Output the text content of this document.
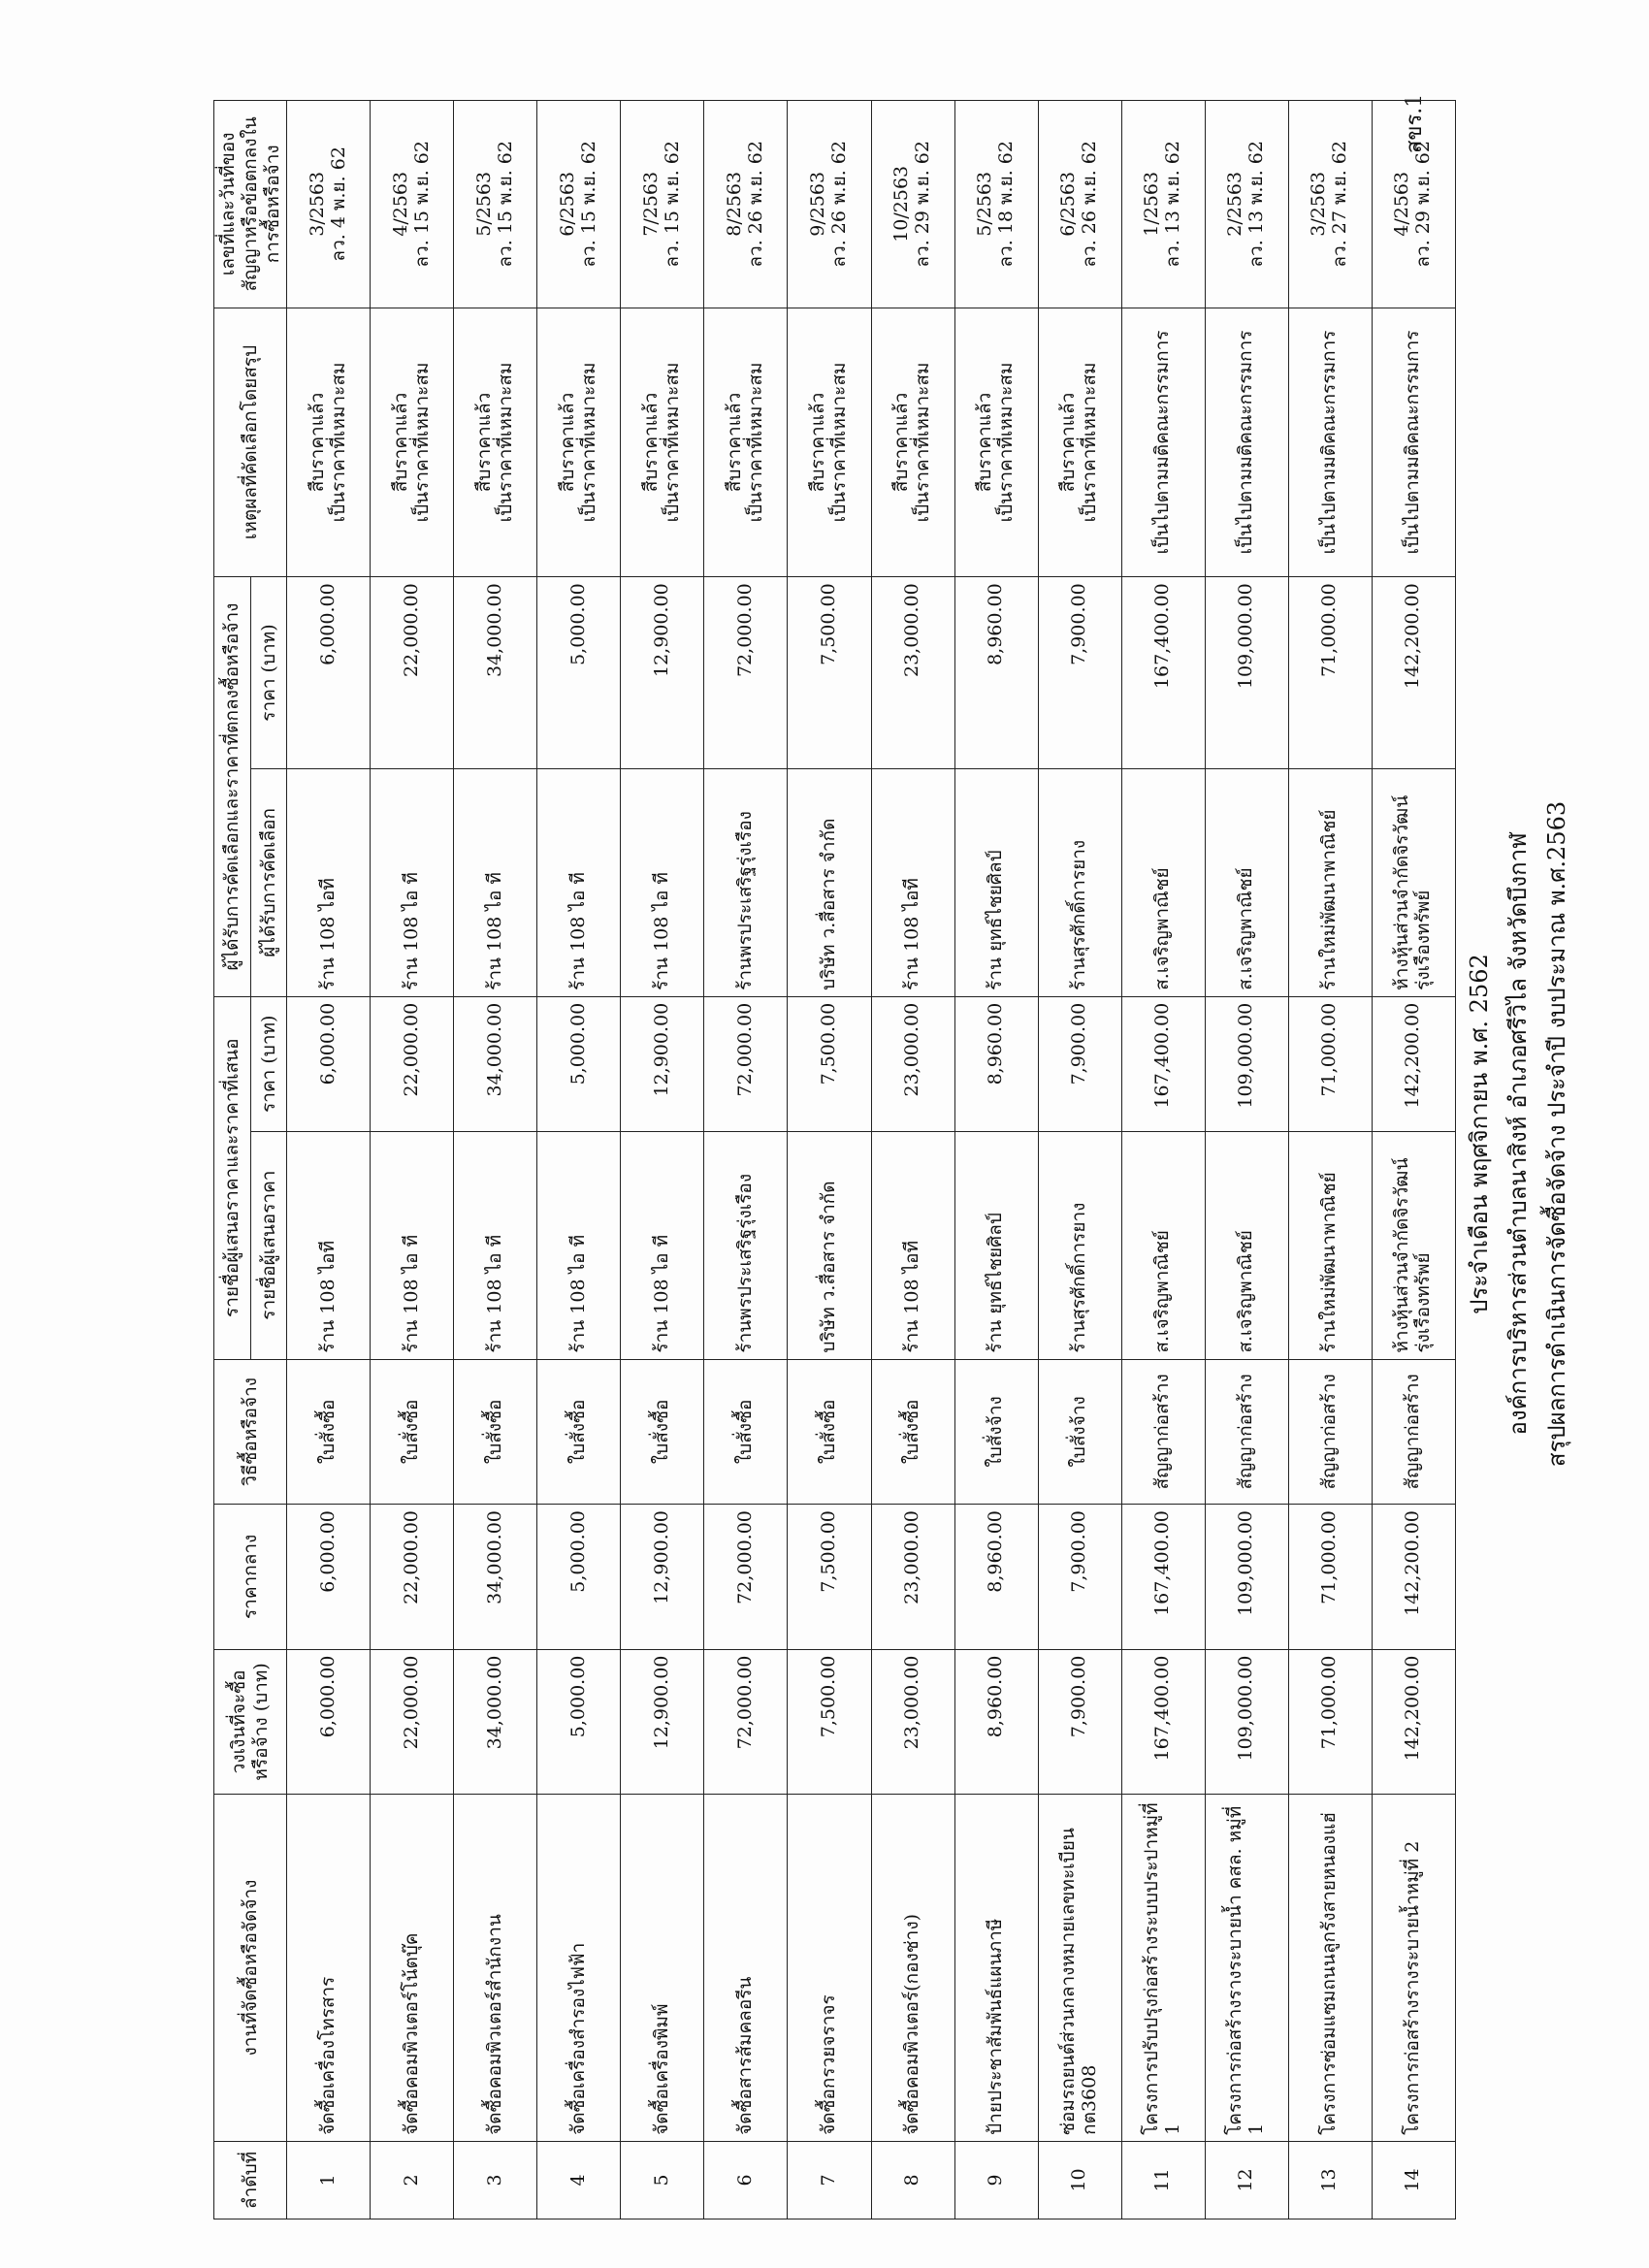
สรุปผลการดำเนินการจัดซื้อจัดจ้าง ประจำปี งบประมาณ พ.ศ.2563
องค์การบริหารส่วนตำบลนาสิงห์ อำเภอศรีวิไล จังหวัดบึงกาฬ
ประจำเดือน พฤศจิกายน พ.ศ. 2562
สขร.1
ลำดับที่	งานที่จัดซื้อหรือจัดจ้าง	วงเงินที่จะซื้อหรือจ้าง (บาท)	ราคากลาง	วิธีซื้อหรือจ้าง	รายชื่อผู้เสนอราคาและราคาที่เสนอ		ผู้ได้รับการคัดเลือกและราคาที่ตกลงซื้อหรือจ้าง		เหตุผลที่คัดเลือกโดยสรุป	เลขที่และวันที่ของสัญญาหรือข้อตกลงในการซื้อหรือจ้าง
					รายชื่อผู้เสนอราคา	ราคา (บาท)	ผู้ได้รับการคัดเลือก	ราคา (บาท)		
1	จัดซื้อเครื่องโทรสาร	6,000.00	6,000.00	ใบสั่งซื้อ	ร้าน 108 ไอที	6,000.00	ร้าน 108 ไอที	6,000.00	สืบราคาแล้ว เป็นราคาที่เหมาะสม	3/2563 ลว. 4 พ.ย. 62

2	จัดซื้อคอมพิวเตอร์โน้ตบุ๊ค	22,000.00	22,000.00	ใบสั่งซื้อ	ร้าน 108 ไอ ที	22,000.00	ร้าน 108 ไอ ที	22,000.00	สืบราคาแล้ว เป็นราคาที่เหมาะสม	4/2563 ลว. 15 พ.ย. 62

3	จัดซื้อคอมพิวเตอร์สำนักงาน	34,000.00	34,000.00	ใบสั่งซื้อ	ร้าน 108 ไอ ที	34,000.00	ร้าน 108 ไอ ที	34,000.00	สืบราคาแล้ว เป็นราคาที่เหมาะสม	5/2563 ลว. 15 พ.ย. 62

4	จัดซื้อเครื่องสำรองไฟฟ้า	5,000.00	5,000.00	ใบสั่งซื้อ	ร้าน 108 ไอ ที	5,000.00	ร้าน 108 ไอ ที	5,000.00	สืบราคาแล้ว เป็นราคาที่เหมาะสม	6/2563 ลว. 15 พ.ย. 62

5	จัดซื้อเครื่องพิมพ์	12,900.00	12,900.00	ใบสั่งซื้อ	ร้าน 108 ไอ ที	12,900.00	ร้าน 108 ไอ ที	12,900.00	สืบราคาแล้ว เป็นราคาที่เหมาะสม	7/2563 ลว. 15 พ.ย. 62

6	จัดซื้อสารส้มคลอรีน	72,000.00	72,000.00	ใบสั่งซื้อ	ร้านพรประเสริฐรุ่งเรือง	72,000.00	ร้านพรประเสริฐรุ่งเรือง	72,000.00	สืบราคาแล้ว เป็นราคาที่เหมาะสม	8/2563 ลว. 26 พ.ย. 62

7	จัดซื้อกรวยจราจร	7,500.00	7,500.00	ใบสั่งซื้อ	บริษัท ว.สื่อสาร จำกัด	7,500.00	บริษัท ว.สื่อสาร จำกัด	7,500.00	สืบราคาแล้ว เป็นราคาที่เหมาะสม	9/2563 ลว. 26 พ.ย. 62

8	จัดซื้อคอมพิวเตอร์(กองช่าง)	23,000.00	23,000.00	ใบสั่งซื้อ	ร้าน 108 ไอที	23,000.00	ร้าน 108 ไอที	23,000.00	สืบราคาแล้ว เป็นราคาที่เหมาะสม	10/2563 ลว. 29 พ.ย. 62

9	ป้ายประชาสัมพันธ์แผนภาษี	8,960.00	8,960.00	ใบสั่งจ้าง	ร้าน ยุทธ์ไชยศิลป์	8,960.00	ร้าน ยุทธ์ไชยศิลป์	8,960.00	สืบราคาแล้ว เป็นราคาที่เหมาะสม	5/2563 ลว. 18 พ.ย. 62

10	ซ่อมรถยนต์ส่วนกลางหมายเลขทะเบียน กต3608	7,900.00	7,900.00	ใบสั่งจ้าง	ร้านสุรศักดิ์การยาง	7,900.00	ร้านสุรศักดิ์การยาง	7,900.00	สืบราคาแล้ว เป็นราคาที่เหมาะสม	6/2563 ลว. 26 พ.ย. 62

11	โครงการปรับปรุงก่อสร้างระบบประปาหมู่ที่ 1	167,400.00	167,400.00	สัญญาก่อสร้าง	ส.เจริญพาณิชย์	167,400.00	ส.เจริญพาณิชย์	167,400.00	เป็นไปตามมติคณะกรรมการ	1/2563 ลว. 13 พ.ย. 62

12	โครงการก่อสร้างรางระบายน้ำ คสล. หมู่ที่ 1	109,000.00	109,000.00	สัญญาก่อสร้าง	ส.เจริญพาณิชย์	109,000.00	ส.เจริญพาณิชย์	109,000.00	เป็นไปตามมติคณะกรรมการ	2/2563 ลว. 13 พ.ย. 62

13	โครงการซ่อมแซมถนนลูกรังสายหนองแฮ่	71,000.00	71,000.00	สัญญาก่อสร้าง	ร้านใหม่พัฒนาพาณิชย์	71,000.00	ร้านใหม่พัฒนาพาณิชย์	71,000.00	เป็นไปตามมติคณะกรรมการ	3/2563 ลว. 27 พ.ย. 62

14	โครงการก่อสร้างรางระบายน้ำหมู่ที่ 2	142,200.00	142,200.00	สัญญาก่อสร้าง	ห้างหุ้นส่วนจำกัดจิรวัฒน์รุ่งเรืองทรัพย์	142,200.00	ห้างหุ้นส่วนจำกัดจิรวัฒน์รุ่งเรืองทรัพย์	142,200.00	เป็นไปตามมติคณะกรรมการ	4/2563 ลว. 29 พ.ย. 62
